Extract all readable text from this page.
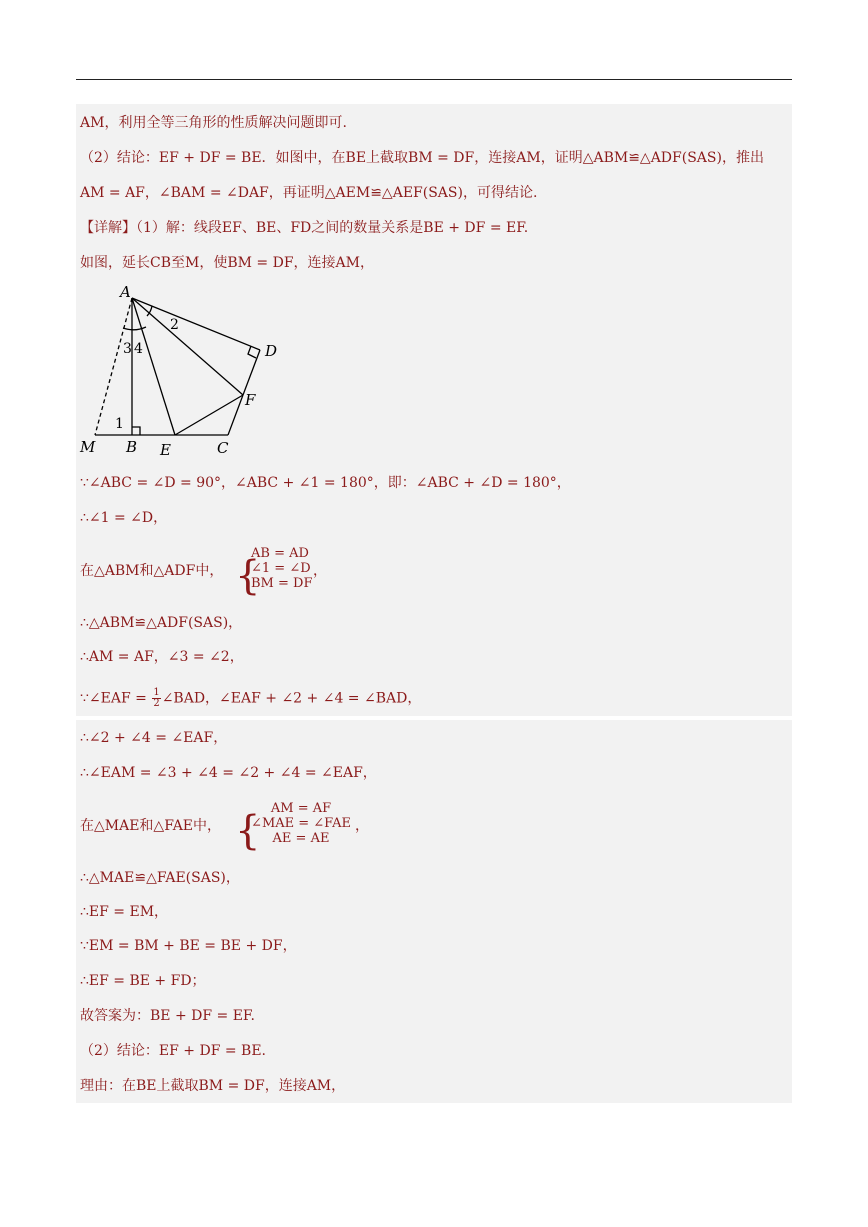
AM，利用全等三角形的性质解决问题即可.

（2）结论：EF + DF = BE．如图中，在BE上截取BM = DF，连接AM，证明△ABM≌△ADF(SAS)，推出

AM = AF，∠BAM = ∠DAF，再证明△AEM≌△AEF(SAS)，可得结论.

【详解】（1）解：线段EF、BE、FD之间的数量关系是BE + DF = EF.

如图，延长CB至M，使BM = DF，连接AM，

A
D
F
M B E	C
1
2
3 4

∵∠ABC = ∠D = 90°，∠ABC + ∠1 = 180°，即：∠ABC + ∠D = 180°，

∴∠1 = ∠D，

在△ABM和△ADF中， {
AB = AD
∠1 = ∠D
BM = DF
，

∴△ABM≌△ADF(SAS)，

∴AM = AF，∠3 = ∠2，

∵∠EAF = $\frac{1}{2}$ ∠BAD，∠EAF + ∠2 + ∠4 = ∠BAD，

∴∠2 + ∠4 = ∠EAF，

∴∠EAM = ∠3 + ∠4 = ∠2 + ∠4 = ∠EAF，

在△MAE和△FAE中， { AM = AF
∠MAE = ∠FAE
AE = AE
，

∴△MAE≌△FAE(SAS)，

∴EF = EM，

∵EM = BM + BE = BE + DF，

∴EF = BE + FD；

故答案为：BE + DF = EF.

（2）结论：EF + DF = BE.

理由：在BE上截取BM = DF，连接AM，
